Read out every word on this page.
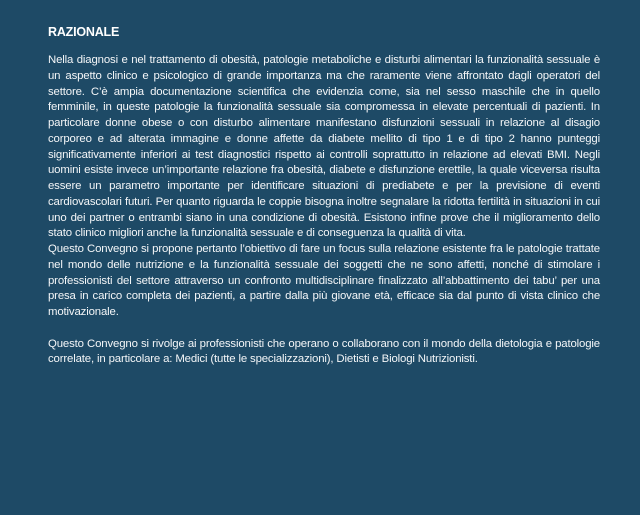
RAZIONALE

Nella diagnosi e nel trattamento di obesità, patologie metaboliche e disturbi alimentari la funzionalità sessuale è un aspetto clinico e psicologico di grande importanza ma che raramente viene affrontato dagli operatori del settore. C’è ampia documentazione scientifica che evidenzia come, sia nel sesso maschile che in quello femminile, in queste patologie la funzionalità sessuale sia compromessa in elevate percentuali di pazienti. In particolare donne obese o con disturbo alimentare manifestano disfunzioni sessuali in relazione al disagio corporeo e ad alterata immagine e donne affette da diabete mellito di tipo 1 e di tipo 2 hanno punteggi significativamente inferiori ai test diagnostici rispetto ai controlli soprattutto in relazione ad elevati BMI. Negli uomini esiste invece un’importante relazione fra obesità, diabete e disfunzione erettile, la quale viceversa risulta essere un parametro importante per identificare situazioni di prediabete e per la previsione di eventi cardiovascolari futuri. Per quanto riguarda le coppie bisogna inoltre segnalare la ridotta fertilità in situazioni in cui uno dei partner o entrambi siano in una condizione di obesità. Esistono infine prove che il miglioramento dello stato clinico migliori anche la funzionalità sessuale e di conseguenza la qualità di vita.

Questo Convegno si propone pertanto l’obiettivo di fare un focus sulla relazione esistente fra le patologie trattate nel mondo delle nutrizione e la funzionalità sessuale dei soggetti che ne sono affetti, nonché di stimolare i professionisti del settore attraverso un confronto multidisciplinare finalizzato all’abbattimento dei tabu’ per una presa in carico completa dei pazienti, a partire dalla più giovane età, efficace sia dal punto di vista clinico che motivazionale.

Questo Convegno si rivolge ai professionisti che operano o collaborano con il mondo della dietologia e patologie correlate, in particolare a: Medici (tutte le specializzazioni), Dietisti e Biologi Nutrizionisti.
